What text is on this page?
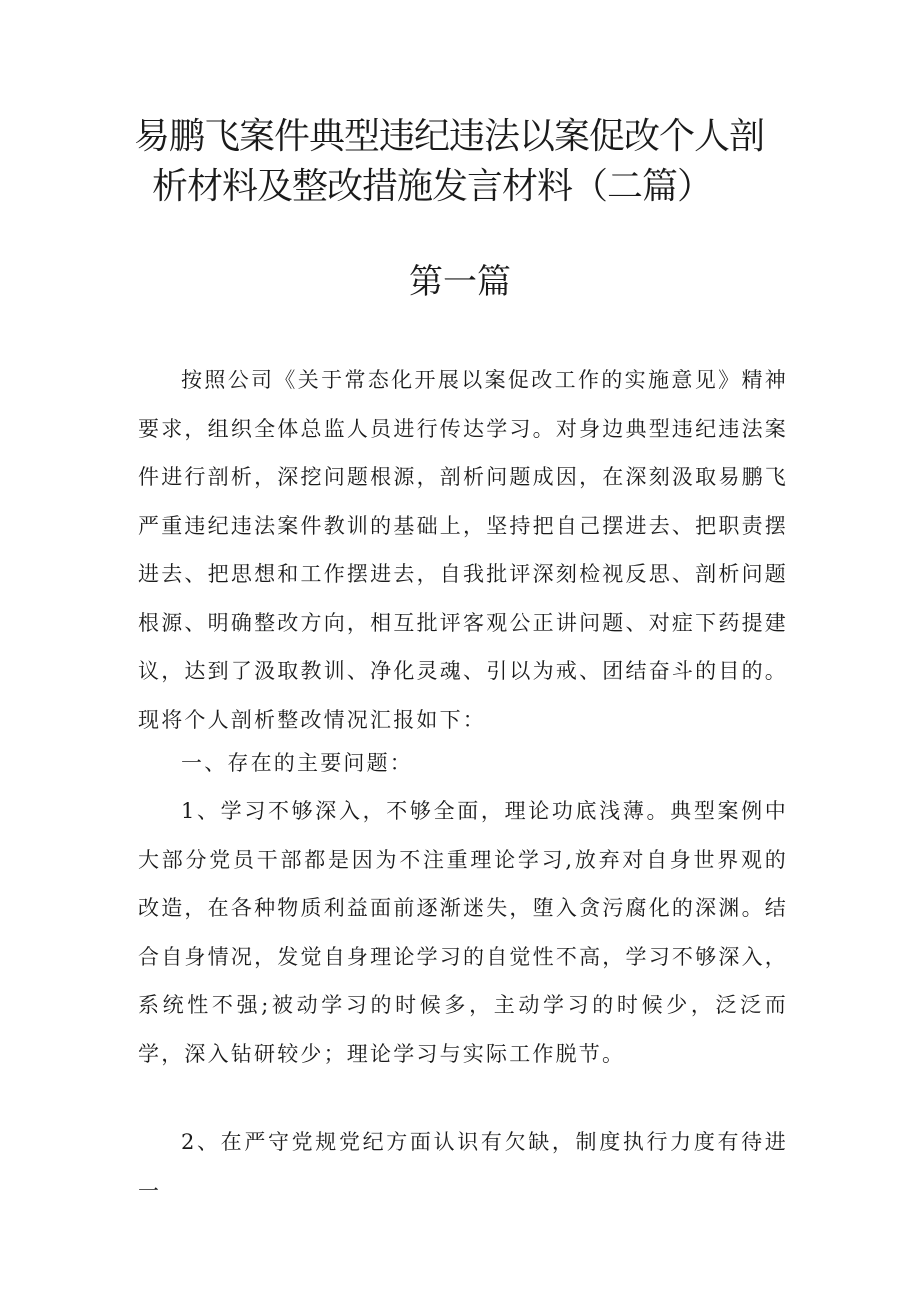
易鹏飞案件典型违纪违法以案促改个人剖
析材料及整改措施发言材料（二篇）
第一篇

按照公司《关于常态化开展以案促改工作的实施意见》精神要求，组织全体总监人员进行传达学习。对身边典型违纪违法案件进行剖析，深挖问题根源，剖析问题成因，在深刻汲取易鹏飞严重违纪违法案件教训的基础上，坚持把自己摆进去、把职责摆进去、把思想和工作摆进去，自我批评深刻检视反思、剖析问题根源、明确整改方向，相互批评客观公正讲问题、对症下药提建议，达到了汲取教训、净化灵魂、引以为戒、团结奋斗的目的。现将个人剖析整改情况汇报如下：

一、存在的主要问题：

1、学习不够深入，不够全面，理论功底浅薄。典型案例中大部分党员干部都是因为不注重理论学习,放弃对自身世界观的改造，在各种物质利益面前逐渐迷失，堕入贪污腐化的深渊。结合自身情况，发觉自身理论学习的自觉性不高，学习不够深入，系统性不强;被动学习的时候多，主动学习的时候少，泛泛而学，深入钻研较少；理论学习与实际工作脱节。

2、在严守党规党纪方面认识有欠缺，制度执行力度有待进一
